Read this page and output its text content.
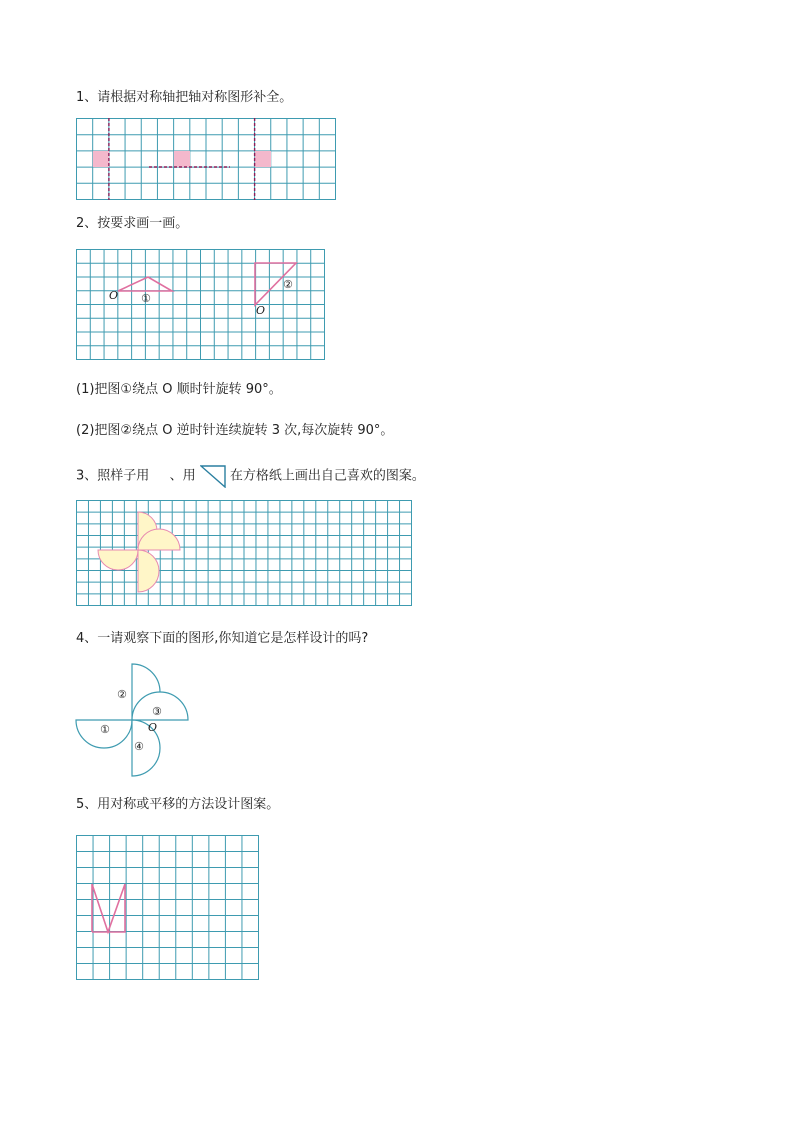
1、请根据对称轴把轴对称图形补全。
2、按要求画一画。
O ①
O
②
(1)把图①绕点 O 顺时针旋转 90°。
(2)把图②绕点 O 逆时针连续旋转 3 次,每次旋转 90°。
3、照样子用 、用	在方格纸上画出自己喜欢的图案。
4、一请观察下面的图形,你知道它是怎样设计的吗?
②
③
O
①
④
5、用对称或平移的方法设计图案。
